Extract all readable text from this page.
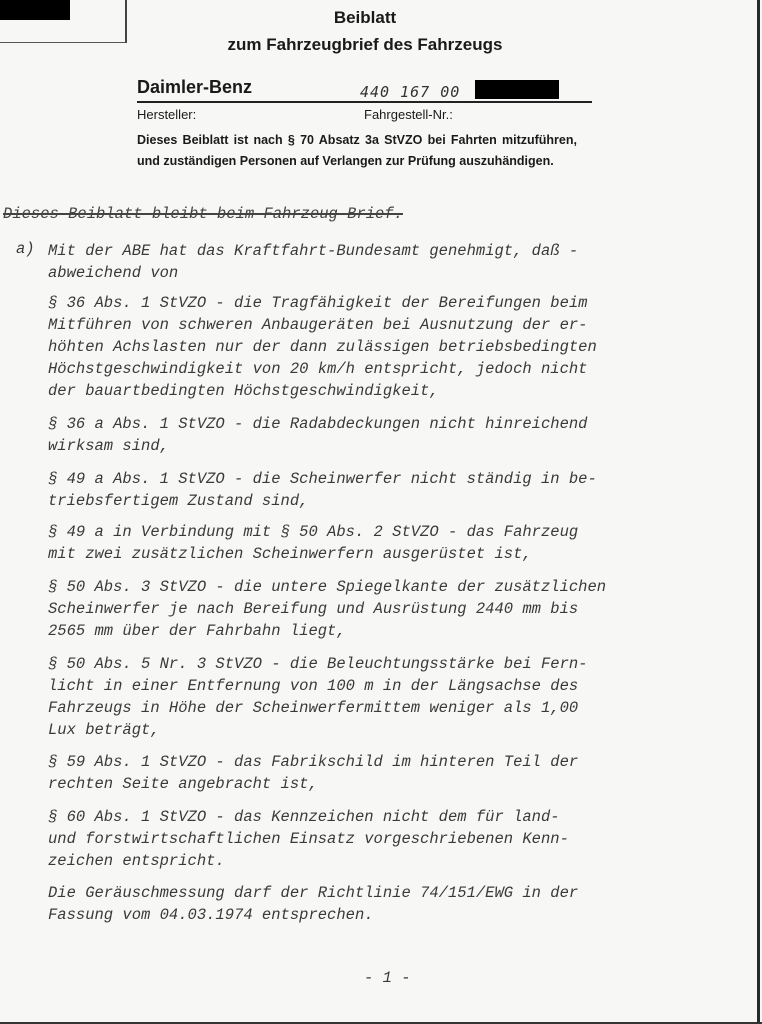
Beiblatt
zum Fahrzeugbrief des Fahrzeugs
Daimler-Benz	440 167 00
Hersteller:	Fahrgestell-Nr.:
Dieses Beiblatt ist nach § 70 Absatz 3a StVZO bei Fahrten mitzuführen, und zuständigen Personen auf Verlangen zur Prüfung auszuhändigen.
Dieses Beiblatt bleibt beim Fahrzeug-Brief.
a) Mit der ABE hat das Kraftfahrt-Bundesamt genehmigt, daß - abweichend von
§ 36 Abs. 1 StVZO - die Tragfähigkeit der Bereifungen beim
Mitführen von schweren Anbaugeräten bei Ausnutzung der er-
höhten Achslasten nur der dann zulässigen betriebsbedingten
Höchstgeschwindigkeit von 20 km/h entspricht, jedoch nicht
der bauartbedingten Höchstgeschwindigkeit,
§ 36 a Abs. 1 StVZO - die Radabdeckungen nicht hinreichend
wirksam sind,
§ 49 a Abs. 1 StVZO - die Scheinwerfer nicht ständig in be-
triebsfertigem Zustand sind,
§ 49 a in Verbindung mit § 50 Abs. 2 StVZO - das Fahrzeug
mit zwei zusätzlichen Scheinwerfern ausgerüstet ist,
§ 50 Abs. 3 StVZO - die untere Spiegelkante der zusätzlichen
Scheinwerfer je nach Bereifung und Ausrüstung 2440 mm bis
2565 mm über der Fahrbahn liegt,
§ 50 Abs. 5 Nr. 3 StVZO - die Beleuchtungsstärke bei Fern-
licht in einer Entfernung von 100 m in der Längsachse des
Fahrzeugs in Höhe der Scheinwerfermittem weniger als 1,00
Lux beträgt,
§ 59 Abs. 1 StVZO - das Fabrikschild im hinteren Teil der
rechten Seite angebracht ist,
§ 60 Abs. 1 StVZO - das Kennzeichen nicht dem für land-
und forstwirtschaftlichen Einsatz vorgeschriebenen Kenn-
zeichen entspricht.
Die Geräuschmessung darf der Richtlinie 74/151/EWG in der
Fassung vom 04.03.1974 entsprechen.
- 1 -
